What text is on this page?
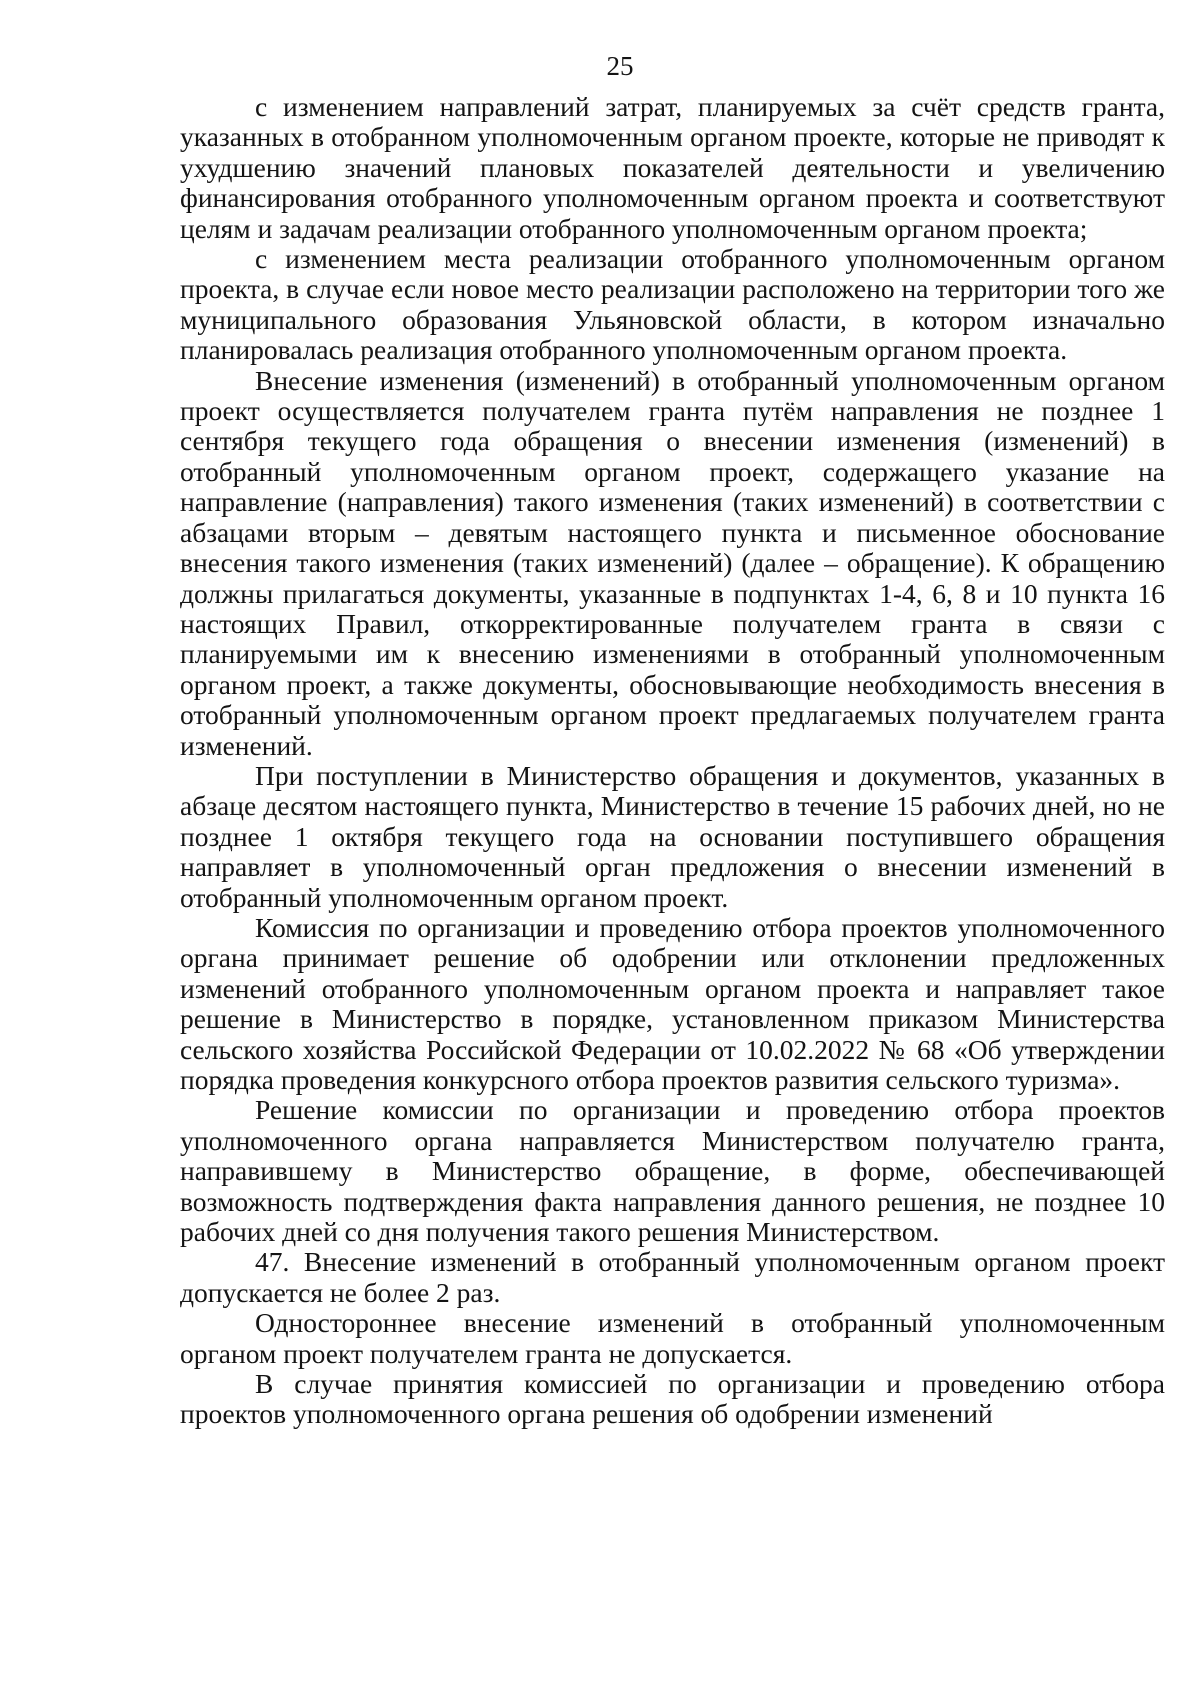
25

с изменением направлений затрат, планируемых за счёт средств гранта, указанных в отобранном уполномоченным органом проекте, которые не приводят к ухудшению значений плановых показателей деятельности и увеличению финансирования отобранного уполномоченным органом проекта и соответствуют целям и задачам реализации отобранного уполномоченным органом проекта;

с изменением места реализации отобранного уполномоченным органом проекта, в случае если новое место реализации расположено на территории того же муниципального образования Ульяновской области, в котором изначально планировалась реализация отобранного уполномоченным органом проекта.

Внесение изменения (изменений) в отобранный уполномоченным органом проект осуществляется получателем гранта путём направления не позднее 1 сентября текущего года обращения о внесении изменения (изменений) в отобранный уполномоченным органом проект, содержащего указание на направление (направления) такого изменения (таких изменений) в соответствии с абзацами вторым – девятым настоящего пункта и письменное обоснование внесения такого изменения (таких изменений) (далее – обращение). К обращению должны прилагаться документы, указанные в подпунктах 1-4, 6, 8 и 10 пункта 16 настоящих Правил, откорректированные получателем гранта в связи с планируемыми им к внесению изменениями в отобранный уполномоченным органом проект, а также документы, обосновывающие необходимость внесения в отобранный уполномоченным органом проект предлагаемых получателем гранта изменений.

При поступлении в Министерство обращения и документов, указанных в абзаце десятом настоящего пункта, Министерство в течение 15 рабочих дней, но не позднее 1 октября текущего года на основании поступившего обращения направляет в уполномоченный орган предложения о внесении изменений в отобранный уполномоченным органом проект.

Комиссия по организации и проведению отбора проектов уполномоченного органа принимает решение об одобрении или отклонении предложенных изменений отобранного уполномоченным органом проекта и направляет такое решение в Министерство в порядке, установленном приказом Министерства сельского хозяйства Российской Федерации от 10.02.2022 № 68 «Об утверждении порядка проведения конкурсного отбора проектов развития сельского туризма».

Решение комиссии по организации и проведению отбора проектов уполномоченного органа направляется Министерством получателю гранта, направившему в Министерство обращение, в форме, обеспечивающей возможность подтверждения факта направления данного решения, не позднее 10 рабочих дней со дня получения такого решения Министерством.

47. Внесение изменений в отобранный уполномоченным органом проект допускается не более 2 раз.

Одностороннее внесение изменений в отобранный уполномоченным органом проект получателем гранта не допускается.

В случае принятия комиссией по организации и проведению отбора проектов уполномоченного органа решения об одобрении изменений
